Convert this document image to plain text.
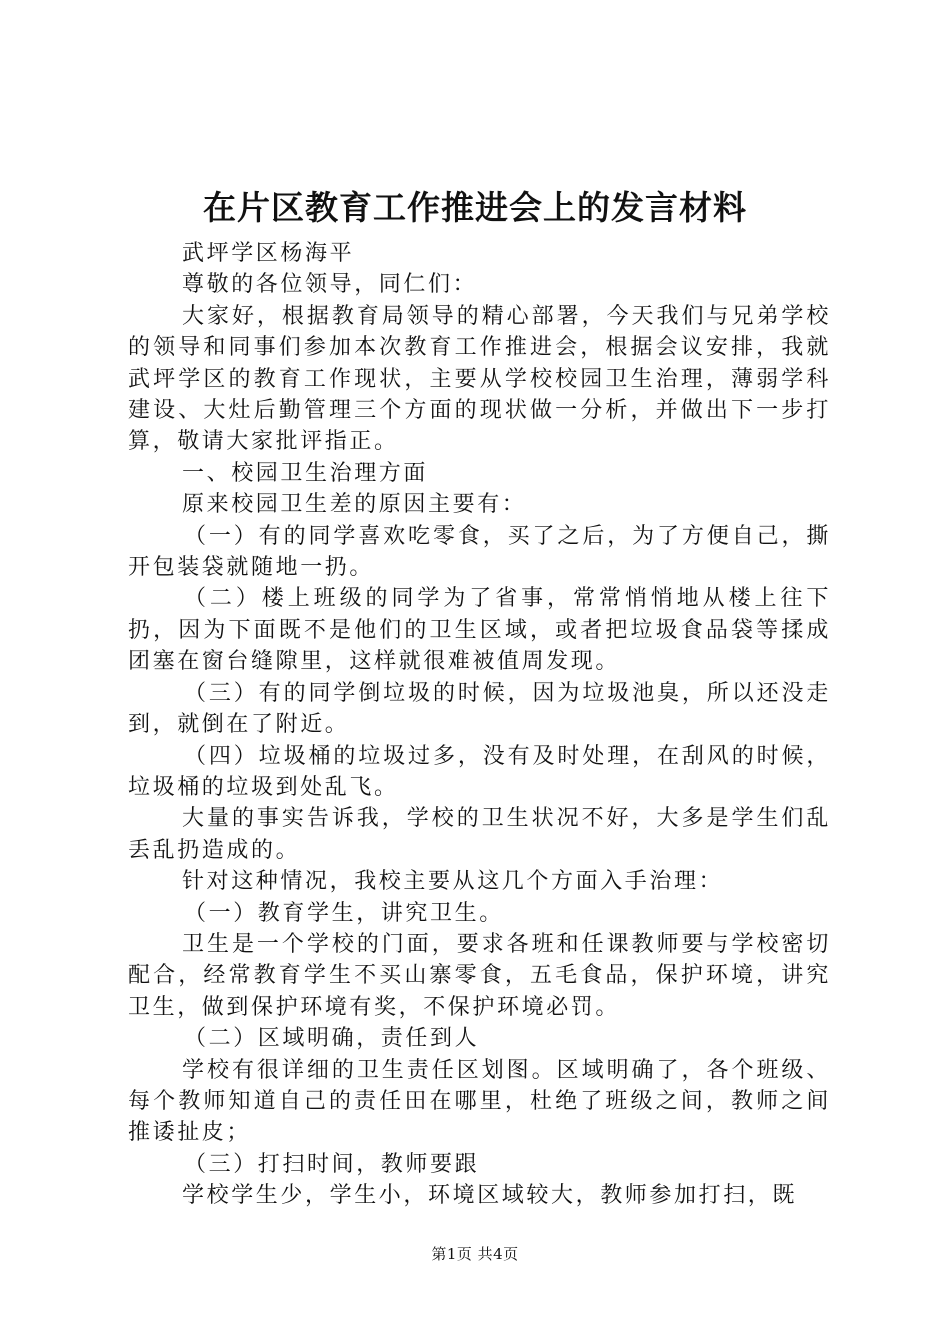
在片区教育工作推进会上的发言材料

武坪学区杨海平

尊敬的各位领导，同仁们：

大家好，根据教育局领导的精心部署，今天我们与兄弟学校的领导和同事们参加本次教育工作推进会，根据会议安排，我就武坪学区的教育工作现状，主要从学校校园卫生治理，薄弱学科建设、大灶后勤管理三个方面的现状做一分析，并做出下一步打算，敬请大家批评指正。

一、校园卫生治理方面

原来校园卫生差的原因主要有：

（一）有的同学喜欢吃零食，买了之后，为了方便自己，撕开包装袋就随地一扔。

（二）楼上班级的同学为了省事，常常悄悄地从楼上往下扔，因为下面既不是他们的卫生区域，或者把垃圾食品袋等揉成团塞在窗台缝隙里，这样就很难被值周发现。

（三）有的同学倒垃圾的时候，因为垃圾池臭，所以还没走到，就倒在了附近。

（四）垃圾桶的垃圾过多，没有及时处理，在刮风的时候，垃圾桶的垃圾到处乱飞。

大量的事实告诉我，学校的卫生状况不好，大多是学生们乱丢乱扔造成的。

针对这种情况，我校主要从这几个方面入手治理：

（一）教育学生，讲究卫生。

卫生是一个学校的门面，要求各班和任课教师要与学校密切配合，经常教育学生不买山寨零食，五毛食品，保护环境，讲究卫生，做到保护环境有奖，不保护环境必罚。

（二）区域明确，责任到人

学校有很详细的卫生责任区划图。区域明确了，各个班级、每个教师知道自己的责任田在哪里，杜绝了班级之间，教师之间推诿扯皮；

（三）打扫时间，教师要跟

学校学生少，学生小，环境区域较大，教师参加打扫，既

第1页 共4页
